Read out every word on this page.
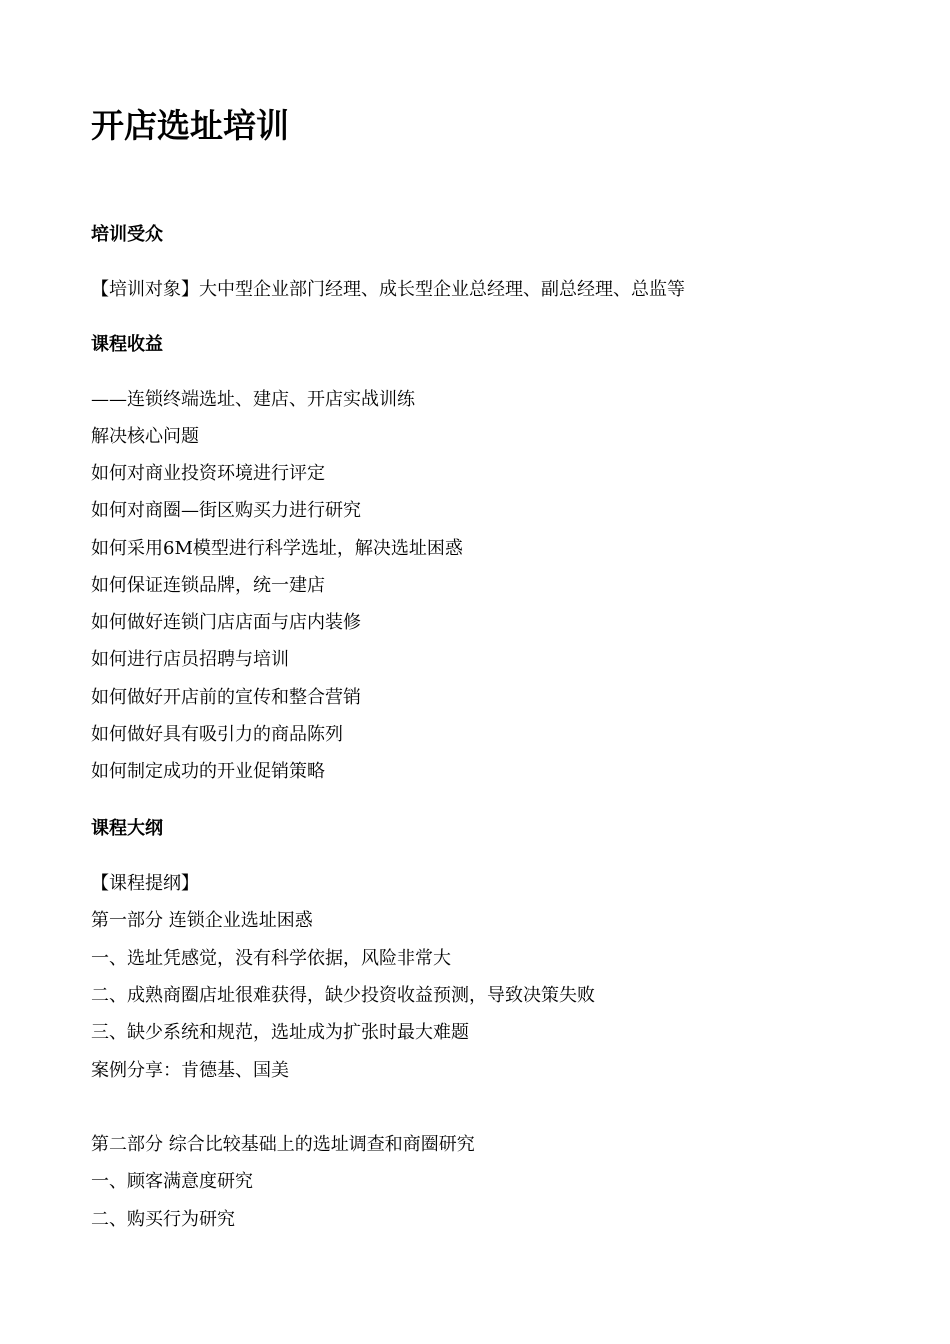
开店选址培训
培训受众

【培训对象】大中型企业部门经理、成长型企业总经理、副总经理、总监等

课程收益

——连锁终端选址、建店、开店实战训练

解决核心问题

如何对商业投资环境进行评定

如何对商圈—街区购买力进行研究

如何采用6M模型进行科学选址，解决选址困惑

如何保证连锁品牌，统一建店

如何做好连锁门店店面与店内装修

如何进行店员招聘与培训

如何做好开店前的宣传和整合营销

如何做好具有吸引力的商品陈列

如何制定成功的开业促销策略

课程大纲

【课程提纲】

第一部分 连锁企业选址困惑

一、选址凭感觉，没有科学依据，风险非常大

二、成熟商圈店址很难获得，缺少投资收益预测，导致决策失败

三、缺少系统和规范，选址成为扩张时最大难题

案例分享：肯德基、国美

第二部分 综合比较基础上的选址调查和商圈研究

一、顾客满意度研究

二、购买行为研究
